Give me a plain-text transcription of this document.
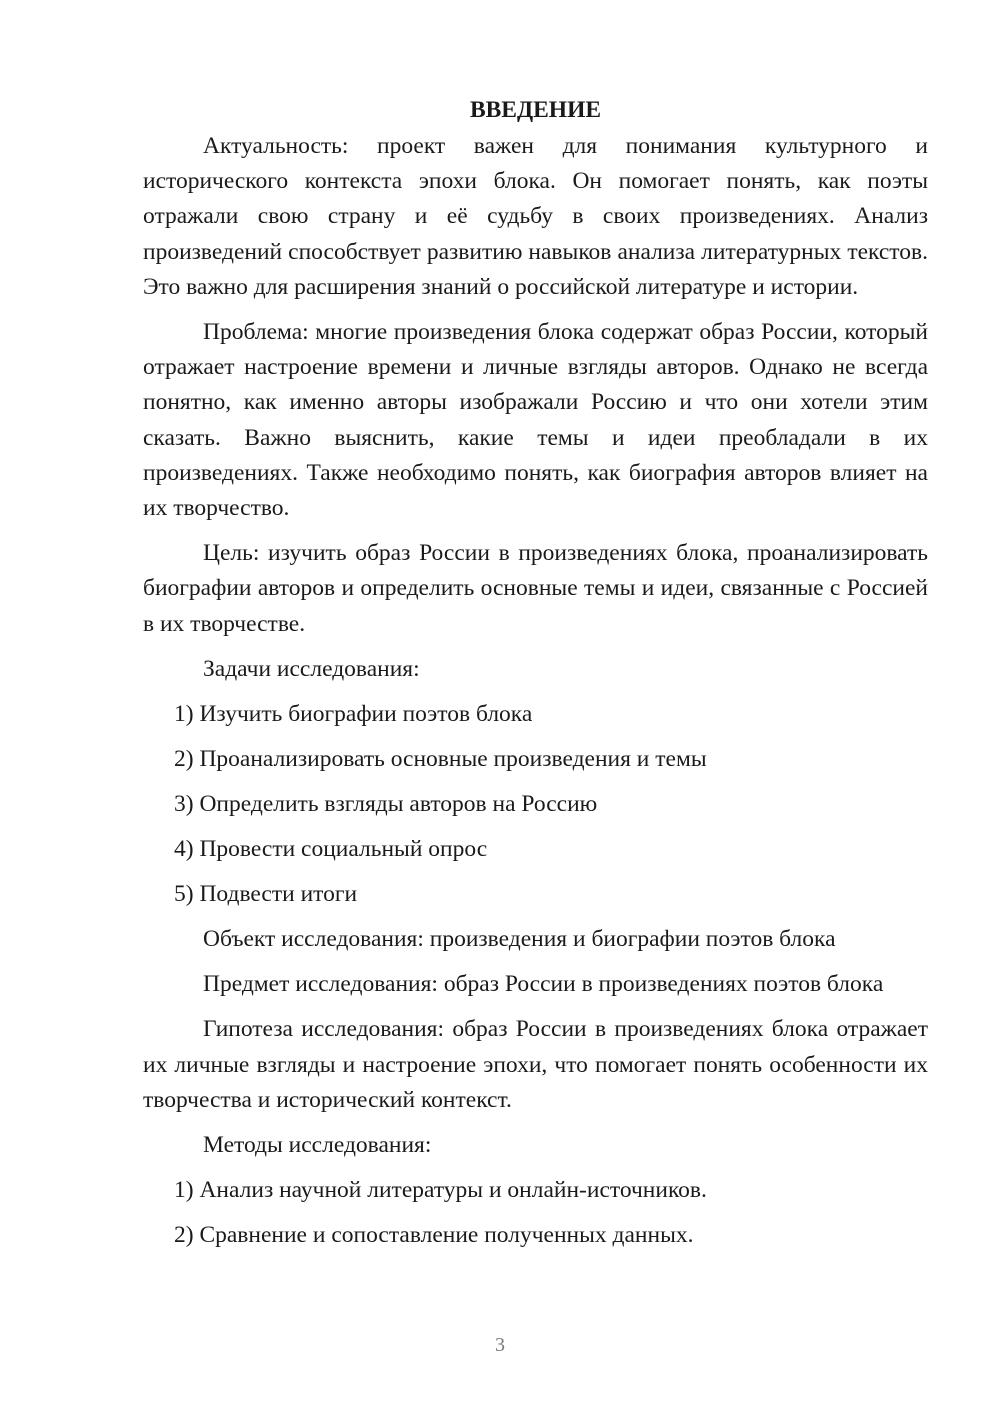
ВВЕДЕНИЕ

Актуальность: проект важен для понимания культурного и исторического контекста эпохи блока. Он помогает понять, как поэты отражали свою страну и её судьбу в своих произведениях. Анализ произведений способствует развитию навыков анализа литературных текстов. Это важно для расширения знаний о российской литературе и истории.

Проблема: многие произведения блока содержат образ России, который отражает настроение времени и личные взгляды авторов. Однако не всегда понятно, как именно авторы изображали Россию и что они хотели этим сказать. Важно выяснить, какие темы и идеи преобладали в их произведениях. Также необходимо понять, как биография авторов влияет на их творчество.

Цель: изучить образ России в произведениях блока, проанализировать биографии авторов и определить основные темы и идеи, связанные с Россией в их творчестве.

Задачи исследования:

1) Изучить биографии поэтов блока
2) Проанализировать основные произведения и темы
3) Определить взгляды авторов на Россию
4) Провести социальный опрос
5) Подвести итоги

Объект исследования: произведения и биографии поэтов блока

Предмет исследования: образ России в произведениях поэтов блока

Гипотеза исследования: образ России в произведениях блока отражает их личные взгляды и настроение эпохи, что помогает понять особенности их творчества и исторический контекст.

Методы исследования:

1) Анализ научной литературы и онлайн-источников.
2) Сравнение и сопоставление полученных данных.
3
